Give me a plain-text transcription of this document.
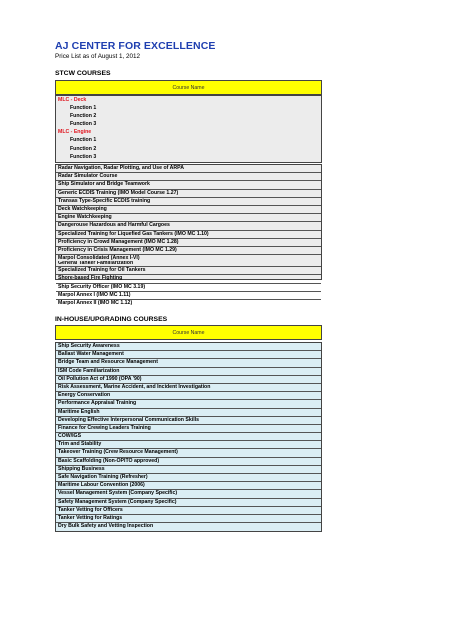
AJ CENTER FOR EXCELLENCE
Price List as of August 1, 2012
STCW COURSES
Course Name
MLC - Deck
Function 1
Function 2
Function 3
MLC - Engine
Function 1
Function 2
Function 3
Radar Navigation, Radar Plotting, and Use of ARPA
Radar Simulator Course
Ship Simulator and Bridge Teamwork
Generic ECDIS Training (IMO Model Course 1.27)
Transas Type-Specific ECDIS training
Deck Watchkeeping
Engine Watchkeeping
Dangerouse Hazardous and Harmful Cargoes
Specialized Training for Liquefied Gas Tankers (IMO MC 1.10)
Proficiency in Crowd Management (IMO MC 1.28)
Proficiency in Crisis Management (IMO MC 1.29)
Marpol Consolidated (Annex I-VI)
General Tanker Familiarization
Specialized Training for Oil Tankers
Shore-based Fire Fighting
Ship Security Officer (IMO MC 3.19)
Marpol Annex I (IMO MC 1.11)
Marpol Annex II (IMO MC 1.12)
IN-HOUSE/UPGRADING COURSES
Course Name
Ship Security Awareness
Ballast Water Management
Bridge Team and Resource Management
ISM Code Familiarization
Oil Pollution Act of 1990 (OPA '90)
Risk Assessment, Marine Accident, and Incident Investigation
Energy Conservation
Performance Appraisal Training
Maritime English
Developing Effective Interpersonal Communication Skills
Finance for Crewing Leaders Training
COW/IGS
Trim and Stability
Takeover Training (Crew Resource Management)
Basic Scaffolding (Non-OPITO approved)
Shipping Business
Safe Navigation Training (Refresher)
Maritime Labour Convention (2006)
Vessel Management System (Company Specific)
Safety Management System (Company Specific)
Tanker Vetting for Officers
Tanker Vetting for Ratings
Dry Bulk Safety and Vetting Inspection
